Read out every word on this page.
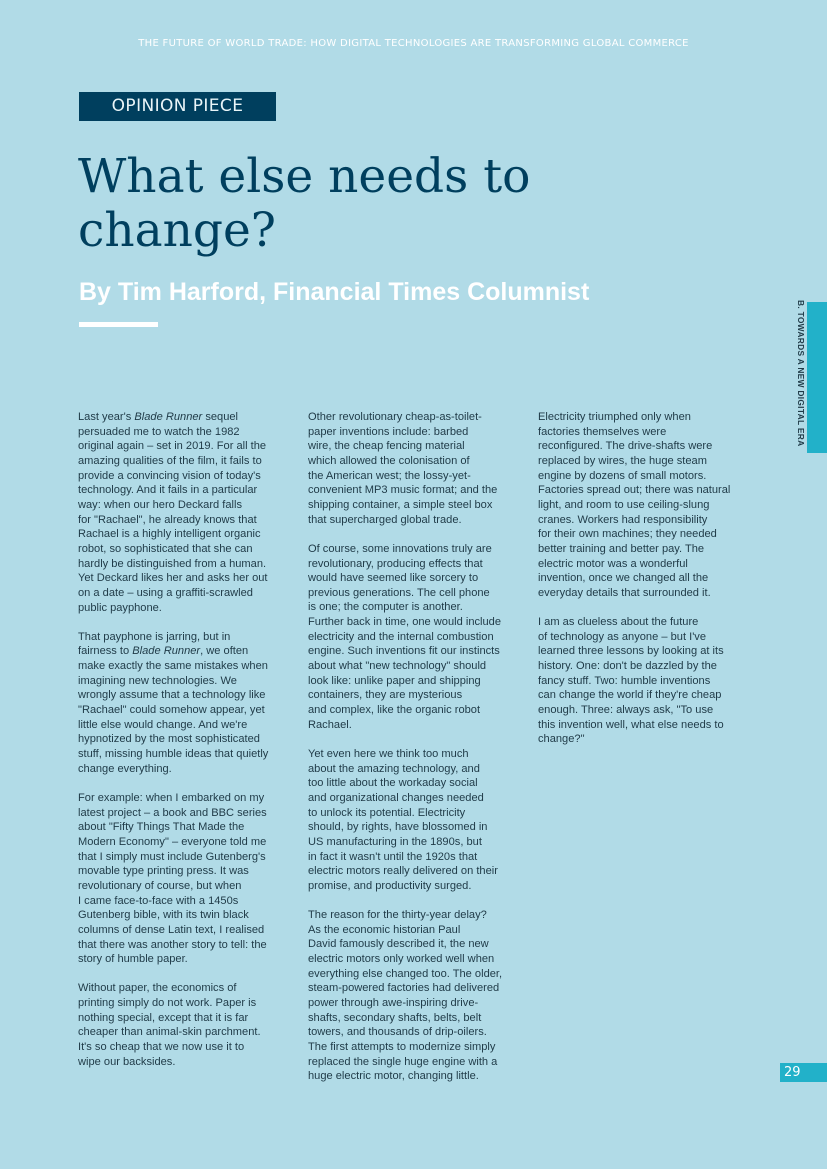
THE FUTURE OF WORLD TRADE: HOW DIGITAL TECHNOLOGIES ARE TRANSFORMING GLOBAL COMMERCE
OPINION PIECE
What else needs to change?
By Tim Harford, Financial Times Columnist

Last year's Blade Runner sequel
persuaded me to watch the 1982
original again – set in 2019. For all the
amazing qualities of the film, it fails to
provide a convincing vision of today's
technology. And it fails in a particular
way: when our hero Deckard falls
for "Rachael", he already knows that
Rachael is a highly intelligent organic
robot, so sophisticated that she can
hardly be distinguished from a human.
Yet Deckard likes her and asks her out
on a date – using a graffiti-scrawled
public payphone.

That payphone is jarring, but in
fairness to Blade Runner, we often
make exactly the same mistakes when
imagining new technologies. We
wrongly assume that a technology like
"Rachael" could somehow appear, yet
little else would change. And we're
hypnotized by the most sophisticated
stuff, missing humble ideas that quietly
change everything.

For example: when I embarked on my
latest project – a book and BBC series
about "Fifty Things That Made the
Modern Economy" – everyone told me
that I simply must include Gutenberg's
movable type printing press. It was
revolutionary of course, but when
I came face-to-face with a 1450s
Gutenberg bible, with its twin black
columns of dense Latin text, I realised
that there was another story to tell: the
story of humble paper.

Without paper, the economics of
printing simply do not work. Paper is
nothing special, except that it is far
cheaper than animal-skin parchment.
It's so cheap that we now use it to
wipe our backsides.

Other revolutionary cheap-as-toilet-
paper inventions include: barbed
wire, the cheap fencing material
which allowed the colonisation of
the American west; the lossy-yet-
convenient MP3 music format; and the
shipping container, a simple steel box
that supercharged global trade.

Of course, some innovations truly are
revolutionary, producing effects that
would have seemed like sorcery to
previous generations. The cell phone
is one; the computer is another.
Further back in time, one would include
electricity and the internal combustion
engine. Such inventions fit our instincts
about what "new technology" should
look like: unlike paper and shipping
containers, they are mysterious
and complex, like the organic robot
Rachael.

Yet even here we think too much
about the amazing technology, and
too little about the workaday social
and organizational changes needed
to unlock its potential. Electricity
should, by rights, have blossomed in
US manufacturing in the 1890s, but
in fact it wasn't until the 1920s that
electric motors really delivered on their
promise, and productivity surged.

The reason for the thirty-year delay?
As the economic historian Paul
David famously described it, the new
electric motors only worked well when
everything else changed too. The older,
steam-powered factories had delivered
power through awe-inspiring drive-
shafts, secondary shafts, belts, belt
towers, and thousands of drip-oilers.
The first attempts to modernize simply
replaced the single huge engine with a
huge electric motor, changing little.

Electricity triumphed only when
factories themselves were
reconfigured. The drive-shafts were
replaced by wires, the huge steam
engine by dozens of small motors.
Factories spread out; there was natural
light, and room to use ceiling-slung
cranes. Workers had responsibility
for their own machines; they needed
better training and better pay. The
electric motor was a wonderful
invention, once we changed all the
everyday details that surrounded it.

I am as clueless about the future
of technology as anyone – but I've
learned three lessons by looking at its
history. One: don't be dazzled by the
fancy stuff. Two: humble inventions
can change the world if they're cheap
enough. Three: always ask, "To use
this invention well, what else needs to
change?"

B. TOWARDS A NEW DIGITAL ERA
29
